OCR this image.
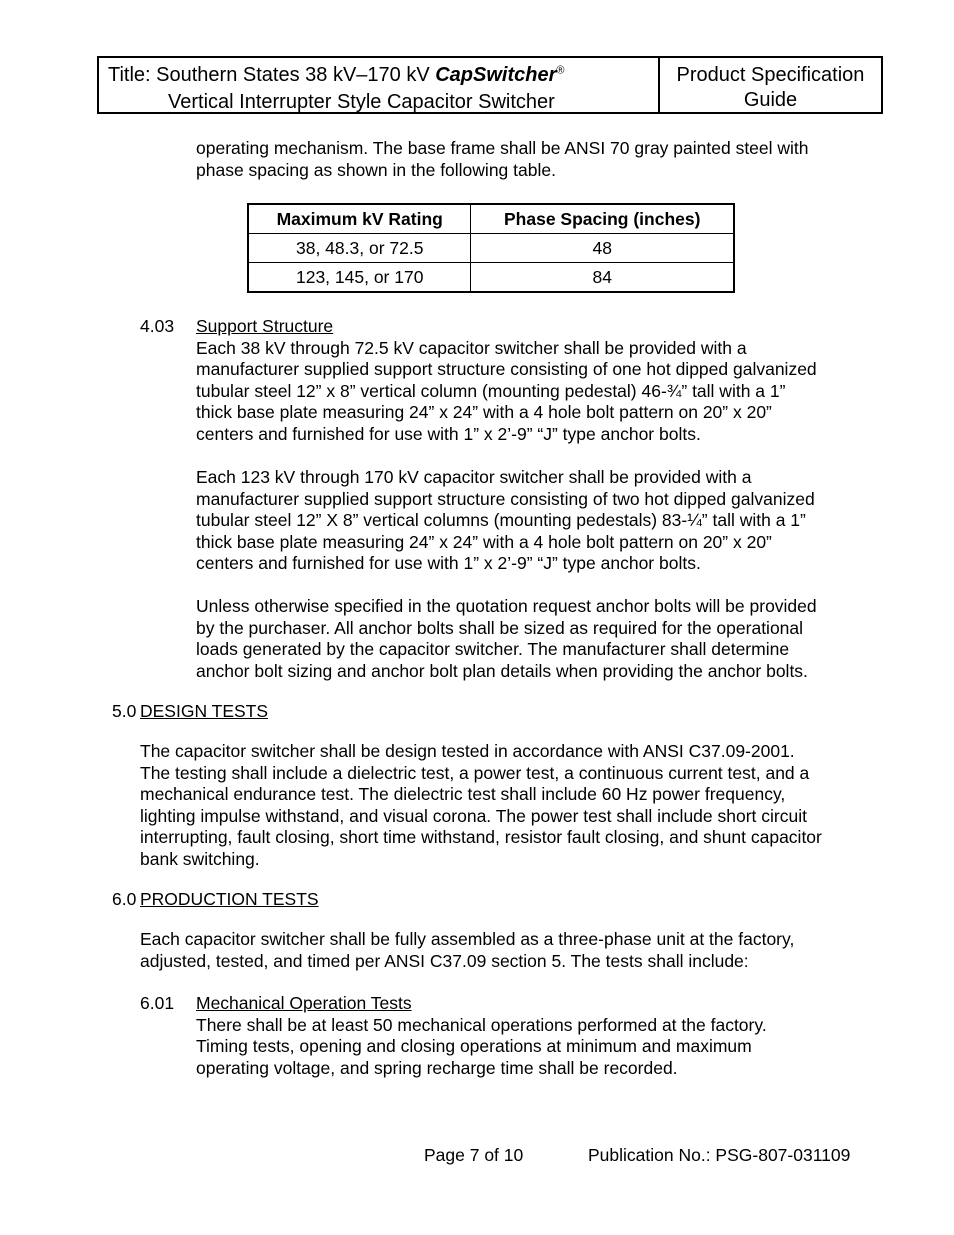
Title: Southern States 38 kV–170 kV CapSwitcher®
Vertical Interrupter Style Capacitor Switcher
Product Specification
Guide
operating mechanism. The base frame shall be ANSI 70 gray painted steel with
phase spacing as shown in the following table.
Maximum kV Rating	Phase Spacing (inches)
38, 48.3, or 72.5	48
123, 145, or 170	84
4.03 Support Structure
Each 38 kV through 72.5 kV capacitor switcher shall be provided with a
manufacturer supplied support structure consisting of one hot dipped galvanized
tubular steel 12” x 8” vertical column (mounting pedestal) 46-¾” tall with a 1”
thick base plate measuring 24” x 24” with a 4 hole bolt pattern on 20” x 20”
centers and furnished for use with 1” x 2’-9” “J” type anchor bolts.
Each 123 kV through 170 kV capacitor switcher shall be provided with a
manufacturer supplied support structure consisting of two hot dipped galvanized
tubular steel 12” X 8” vertical columns (mounting pedestals) 83-¼” tall with a 1”
thick base plate measuring 24” x 24” with a 4 hole bolt pattern on 20” x 20”
centers and furnished for use with 1” x 2’-9” “J” type anchor bolts.
Unless otherwise specified in the quotation request anchor bolts will be provided
by the purchaser. All anchor bolts shall be sized as required for the operational
loads generated by the capacitor switcher. The manufacturer shall determine
anchor bolt sizing and anchor bolt plan details when providing the anchor bolts.
5.0 DESIGN TESTS
The capacitor switcher shall be design tested in accordance with ANSI C37.09-2001.
The testing shall include a dielectric test, a power test, a continuous current test, and a
mechanical endurance test. The dielectric test shall include 60 Hz power frequency,
lighting impulse withstand, and visual corona. The power test shall include short circuit
interrupting, fault closing, short time withstand, resistor fault closing, and shunt capacitor
bank switching.
6.0 PRODUCTION TESTS
Each capacitor switcher shall be fully assembled as a three-phase unit at the factory,
adjusted, tested, and timed per ANSI C37.09 section 5. The tests shall include:
6.01 Mechanical Operation Tests
There shall be at least 50 mechanical operations performed at the factory.
Timing tests, opening and closing operations at minimum and maximum
operating voltage, and spring recharge time shall be recorded.
Page 7 of 10	Publication No.: PSG-807-031109
